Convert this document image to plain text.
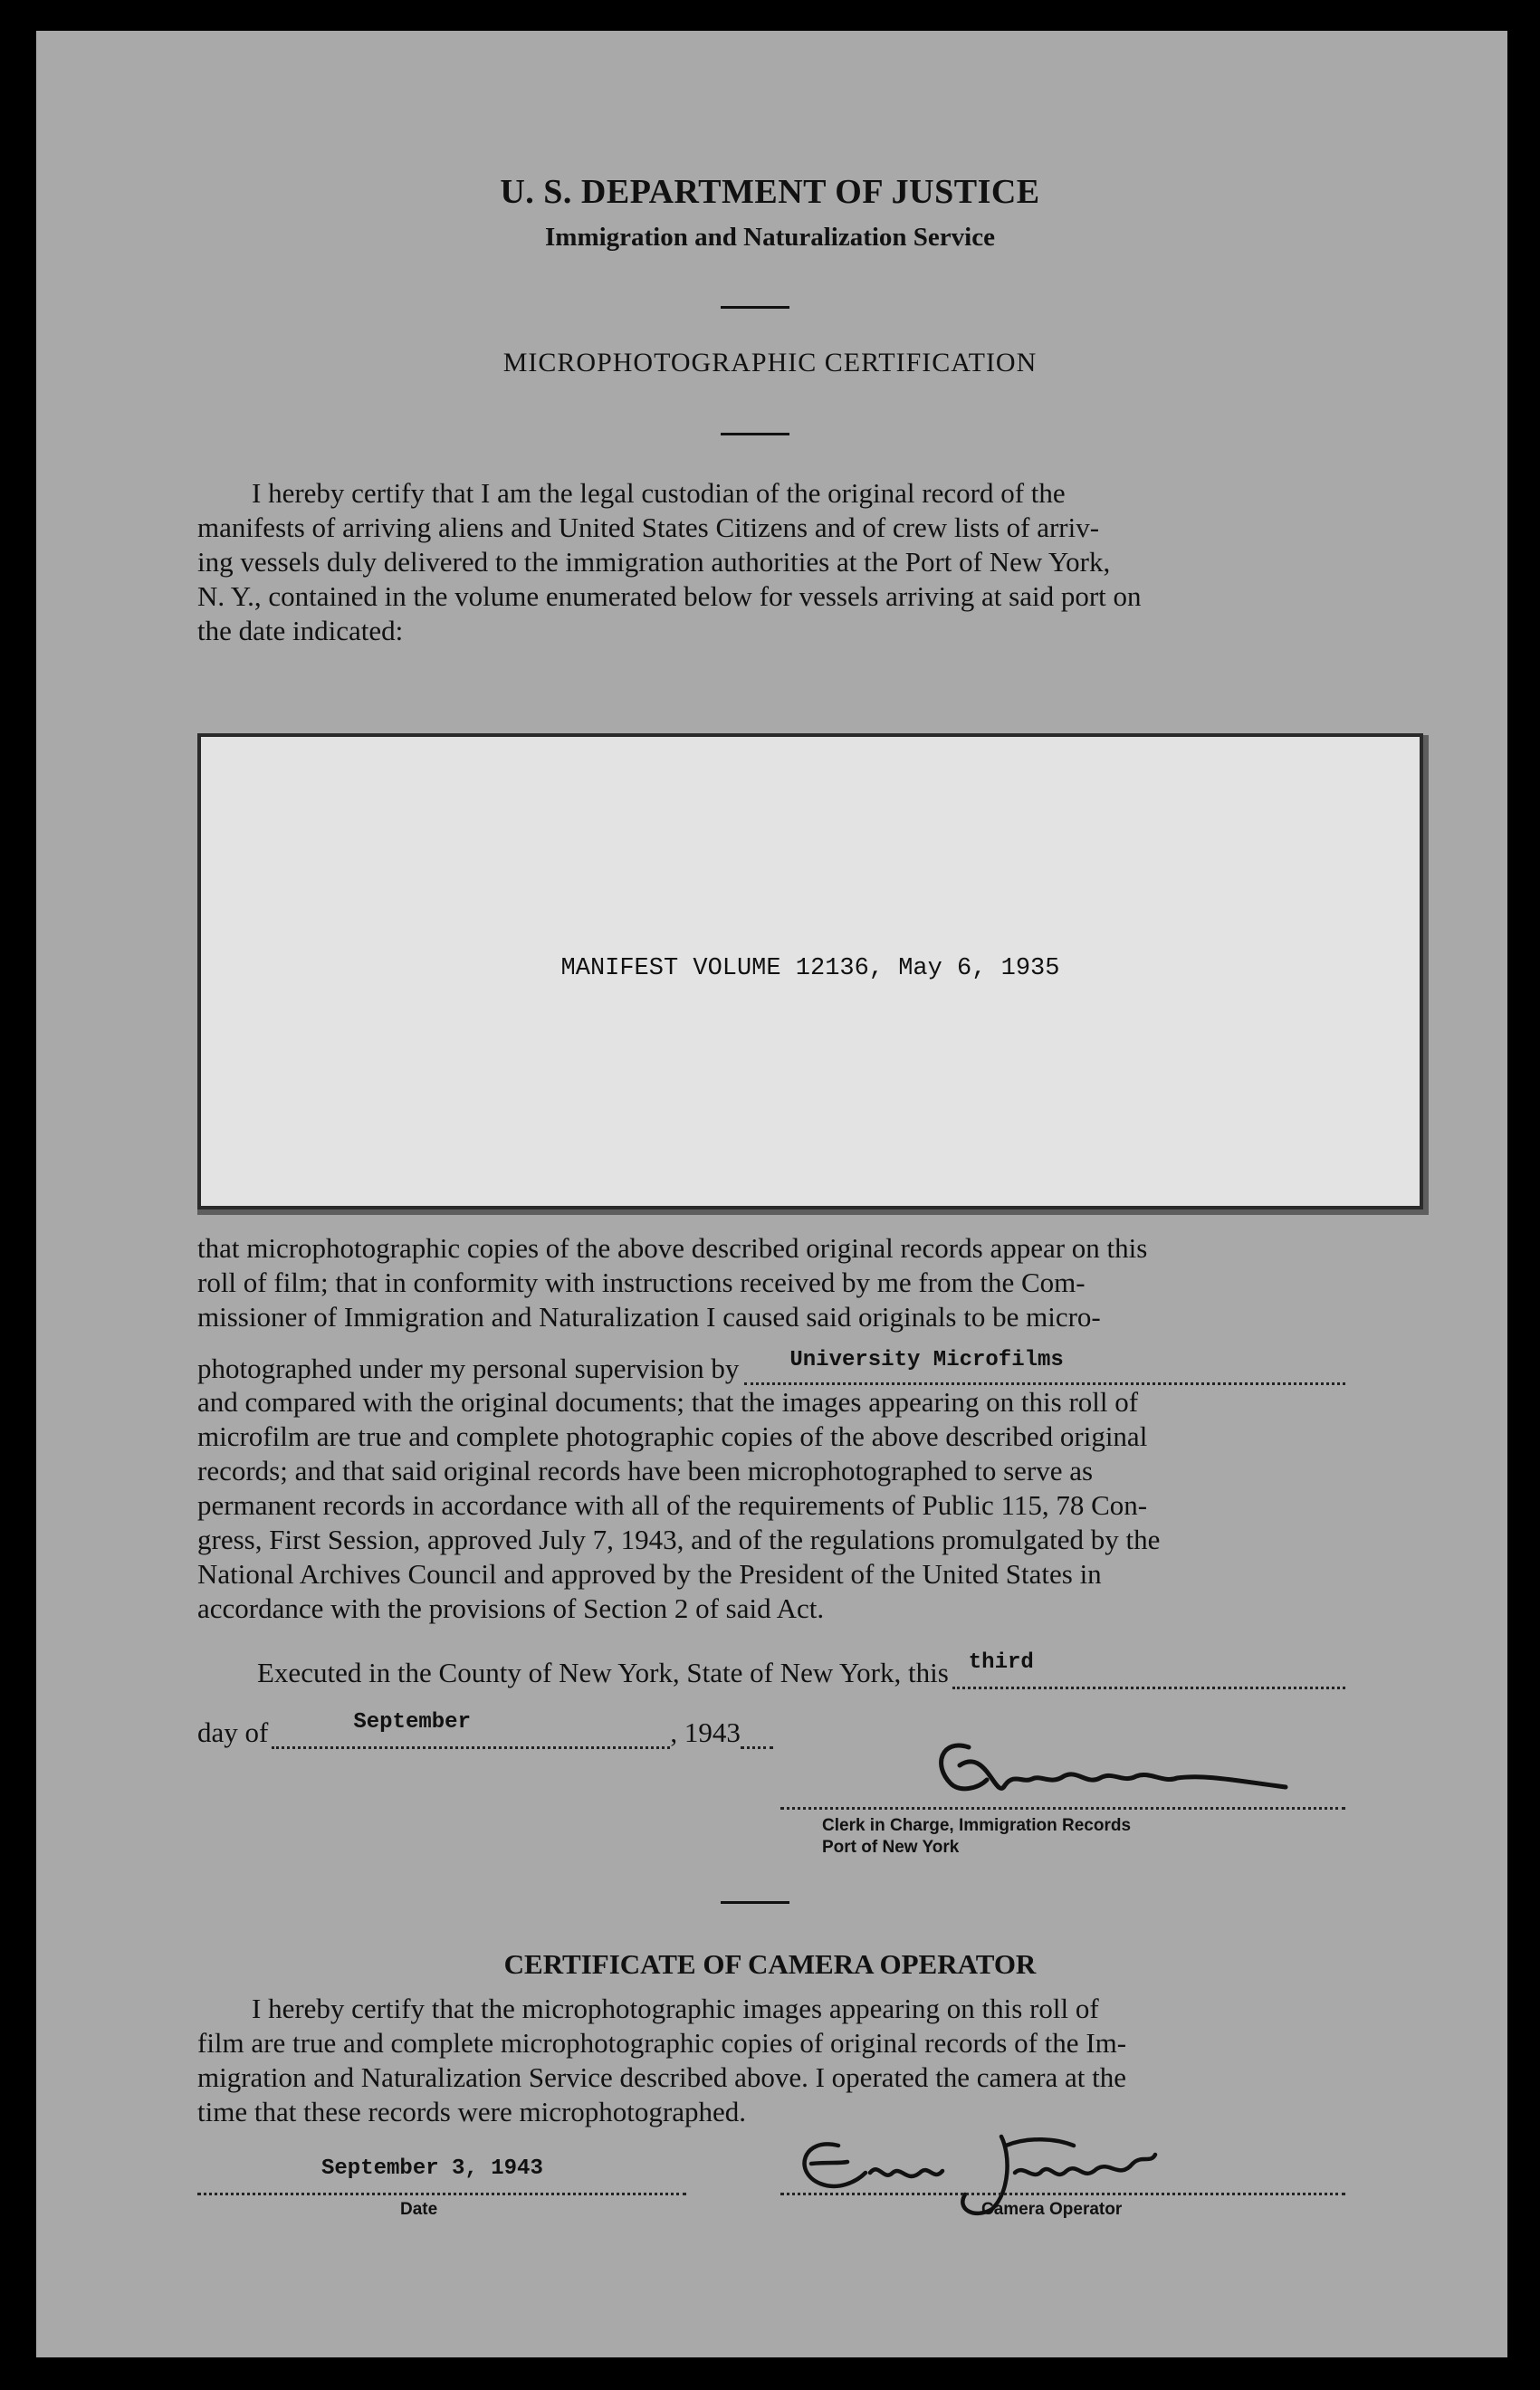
U. S. DEPARTMENT OF JUSTICE
Immigration and Naturalization Service
MICROPHOTOGRAPHIC CERTIFICATION
I hereby certify that I am the legal custodian of the original record of the
manifests of arriving aliens and United States Citizens and of crew lists of arriv-
ing vessels duly delivered to the immigration authorities at the Port of New York,
N. Y., contained in the volume enumerated below for vessels arriving at said port on
the date indicated:
MANIFEST VOLUME 12136, May 6, 1935
that microphotographic copies of the above described original records appear on this
roll of film; that in conformity with instructions received by me from the Com-
missioner of Immigration and Naturalization I caused said originals to be micro-
photographed under my personal supervision by University Microfilms
and compared with the original documents; that the images appearing on this roll of
microfilm are true and complete photographic copies of the above described original
records; and that said original records have been microphotographed to serve as
permanent records in accordance with all of the requirements of Public 115, 78 Con-
gress, First Session, approved July 7, 1943, and of the regulations promulgated by the
National Archives Council and approved by the President of the United States in
accordance with the provisions of Section 2 of said Act.
Executed in the County of New York, State of New York, this third
day of	September	, 1943
Clerk in Charge, Immigration Records
Port of New York
CERTIFICATE OF CAMERA OPERATOR
I hereby certify that the microphotographic images appearing on this roll of
film are true and complete microphotographic copies of original records of the Im-
migration and Naturalization Service described above. I operated the camera at the
time that these records were microphotographed.
September 3, 1943
Date	Camera Operator
